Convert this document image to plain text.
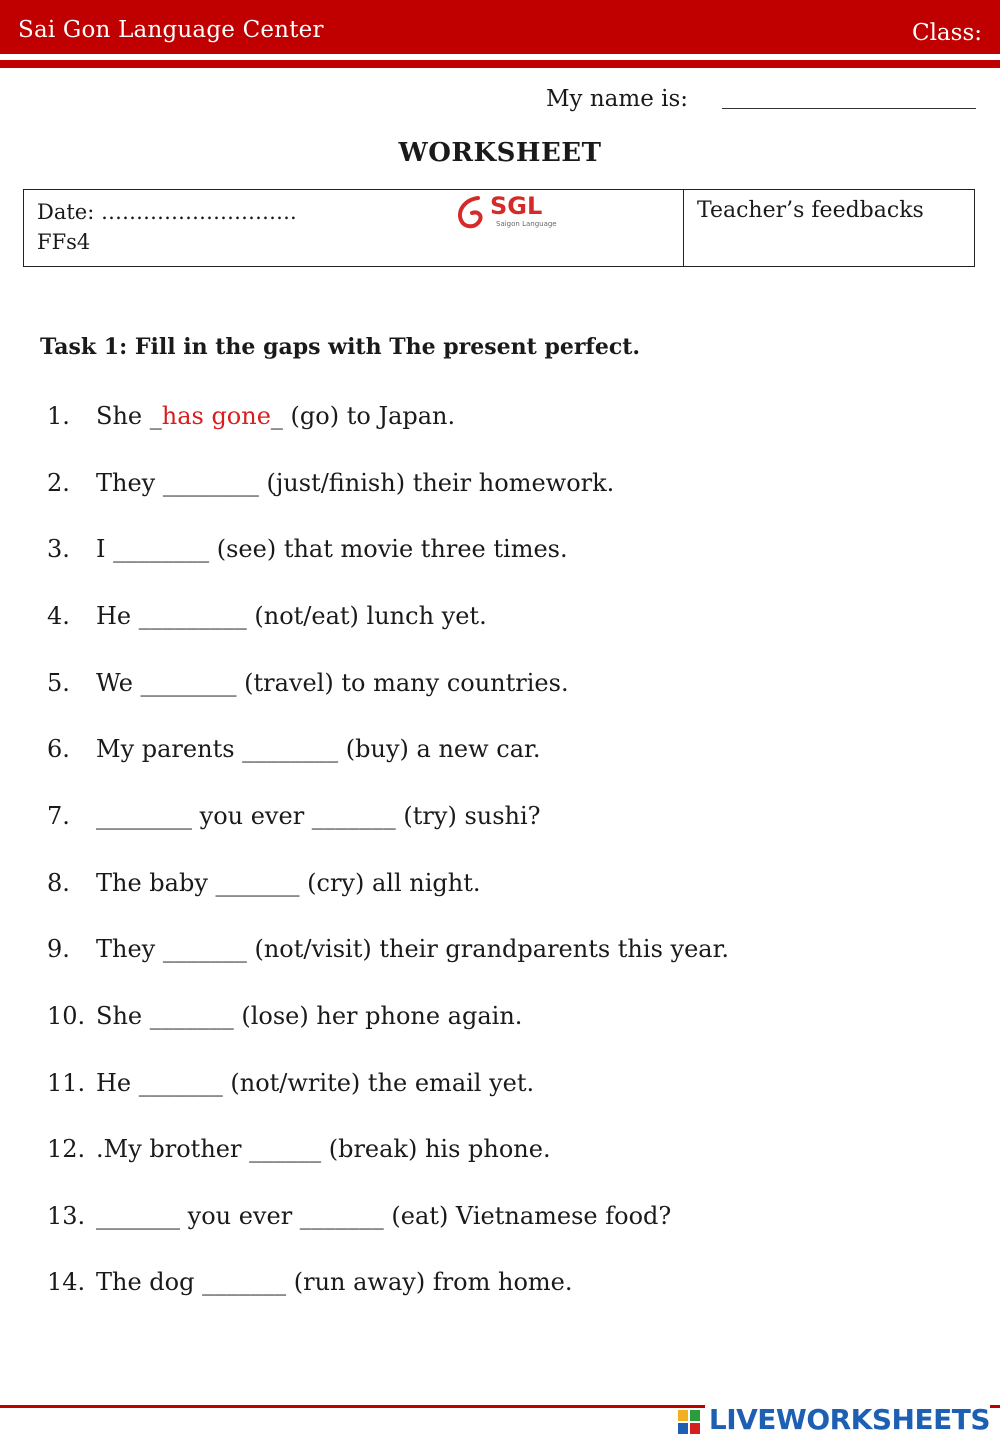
Sai Gon Language Center	Class:
My name is:
WORKSHEET
Date: ……………………….
FFs4
SGL
Saigon Language
Teacher’s feedbacks
Task 1: Fill in the gaps with The present perfect.
1. She _has gone_ (go) to Japan.
2. They ________ (just/finish) their homework.
3. I ________ (see) that movie three times.
4. He _________ (not/eat) lunch yet.
5. We ________ (travel) to many countries.
6. My parents ________ (buy) a new car.
7. ________ you ever _______ (try) sushi?
8. The baby _______ (cry) all night.
9. They _______ (not/visit) their grandparents this year.
10. She _______ (lose) her phone again.
11. He _______ (not/write) the email yet.
12. .My brother ______ (break) his phone.
13. _______ you ever _______ (eat) Vietnamese food?
14. The dog _______ (run away) from home.
LIVEWORKSHEETS
